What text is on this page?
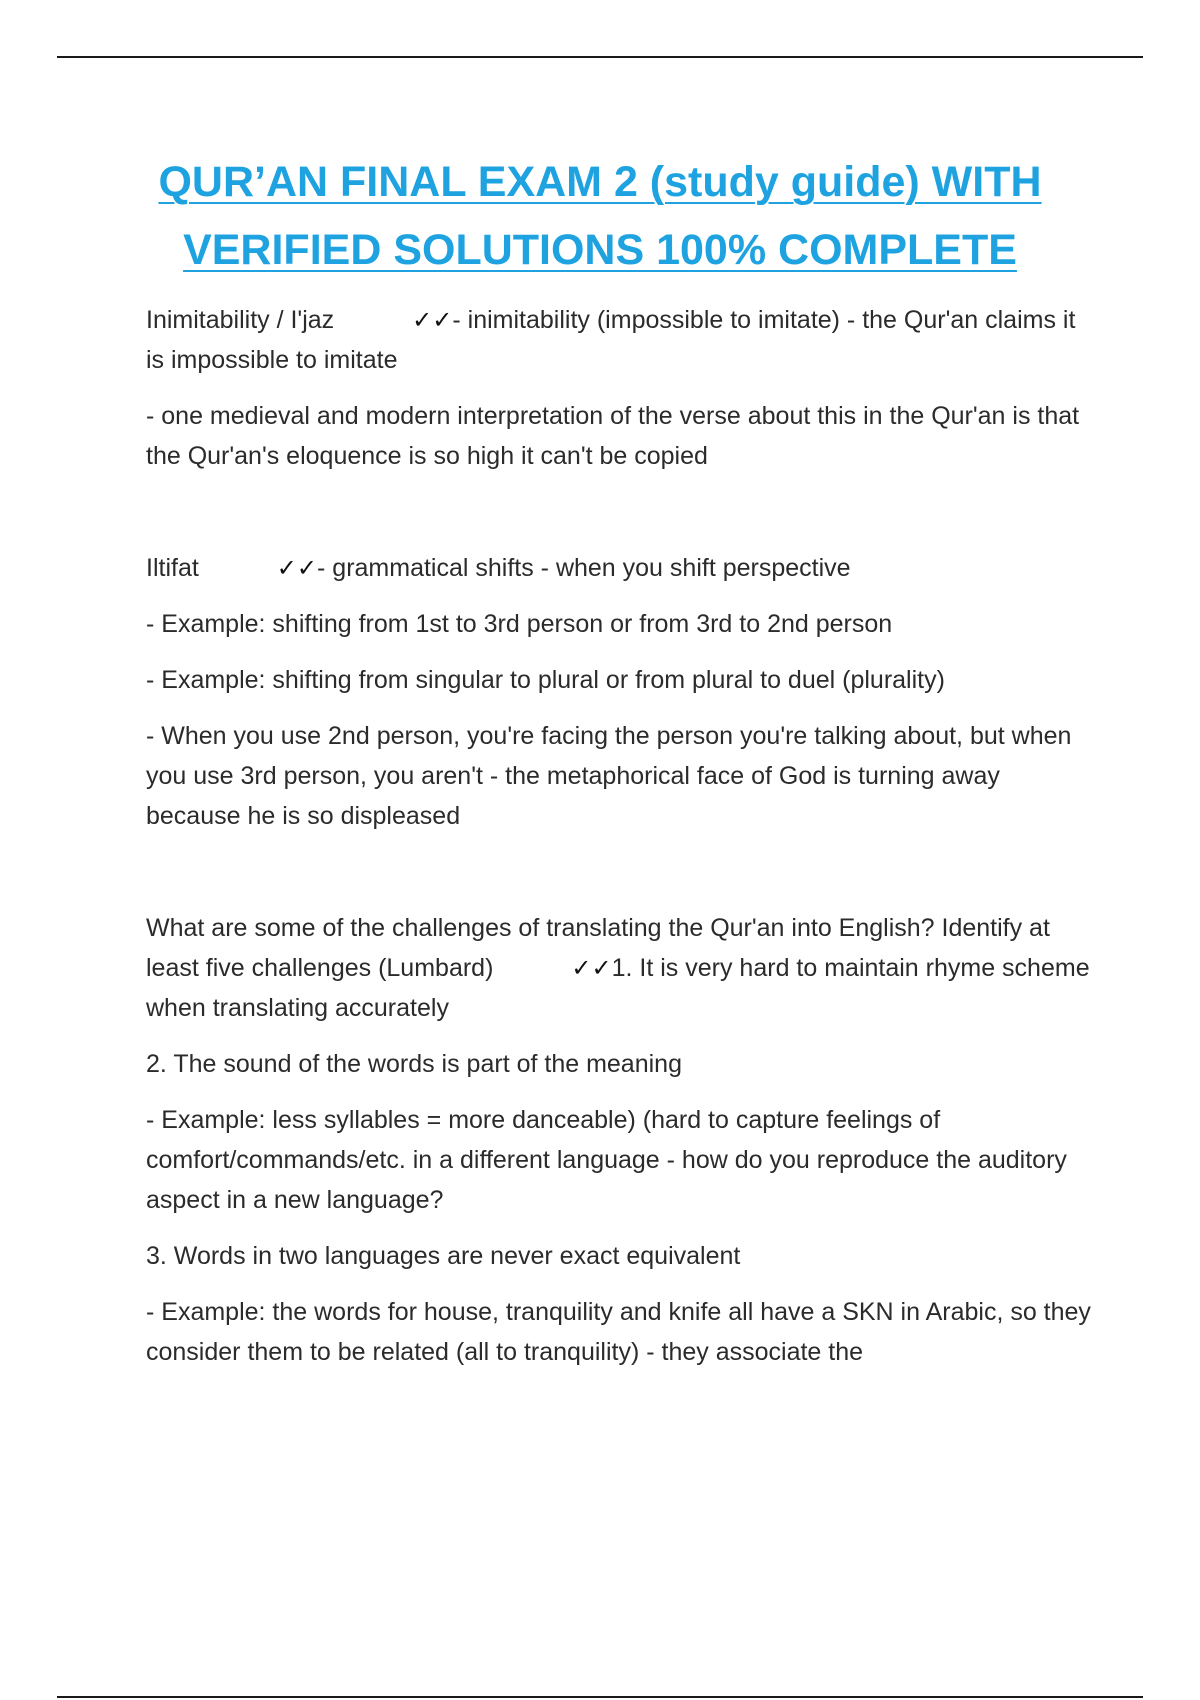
QUR’AN FINAL EXAM 2 (study guide) WITH
VERIFIED SOLUTIONS 100% COMPLETE

Inimitability / I'jaz	✓✓- inimitability (impossible to imitate) - the Qur'an claims it is impossible to imitate

- one medieval and modern interpretation of the verse about this in the Qur'an is that the Qur'an's eloquence is so high it can't be copied

Iltifat	✓✓- grammatical shifts - when you shift perspective

- Example: shifting from 1st to 3rd person or from 3rd to 2nd person

- Example: shifting from singular to plural or from plural to duel (plurality)

- When you use 2nd person, you're facing the person you're talking about, but when you use 3rd person, you aren't - the metaphorical face of God is turning away because he is so displeased

What are some of the challenges of translating the Qur'an into English? Identify at least five challenges (Lumbard)	✓✓1. It is very hard to maintain rhyme scheme when translating accurately

2. The sound of the words is part of the meaning

- Example: less syllables = more danceable) (hard to capture feelings of comfort/commands/etc. in a different language - how do you reproduce the auditory aspect in a new language?

3. Words in two languages are never exact equivalent

- Example: the words for house, tranquility and knife all have a SKN in Arabic, so they consider them to be related (all to tranquility) - they associate the
